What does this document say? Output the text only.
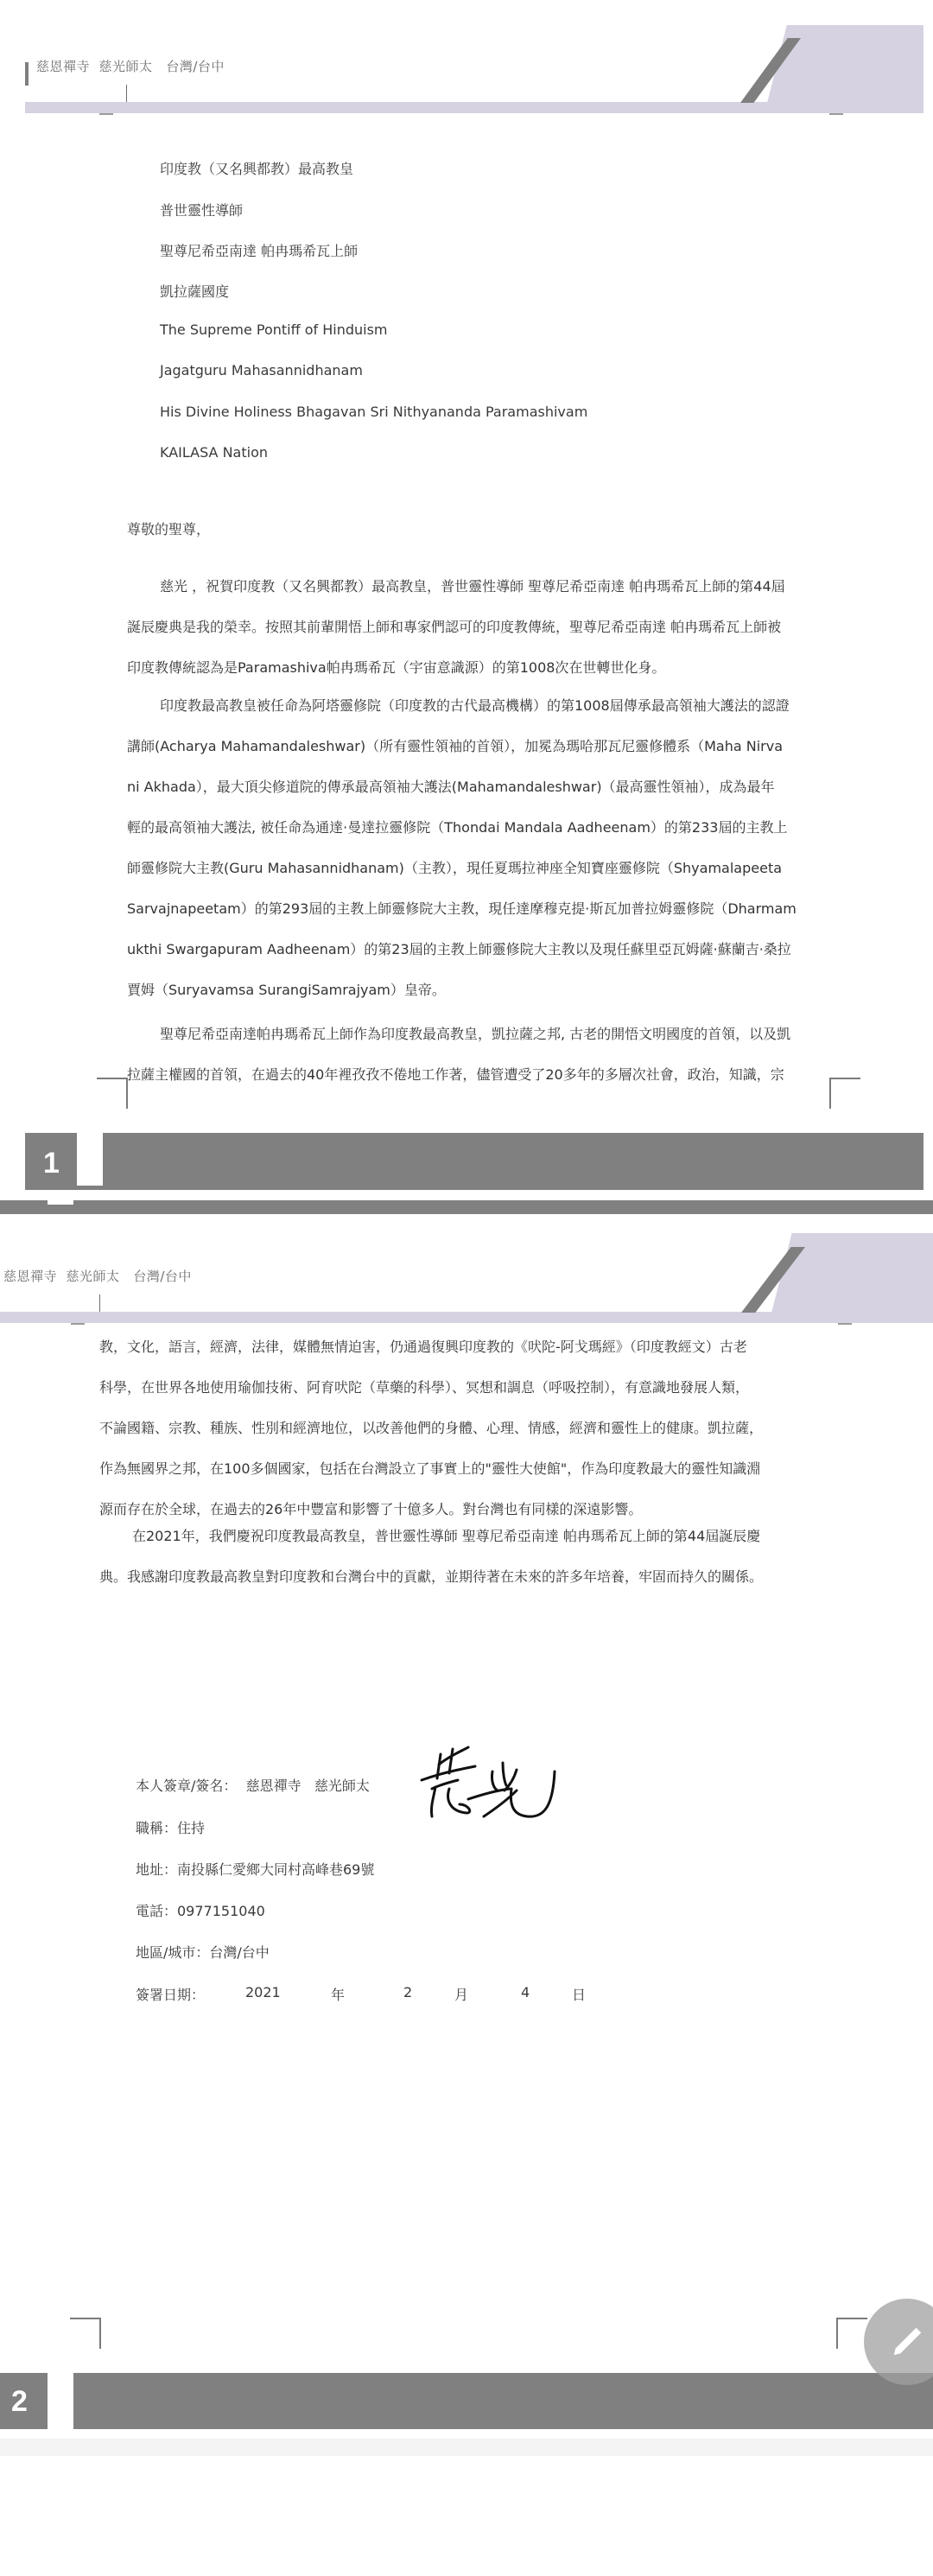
慈恩禪寺  慈光師太   台灣/台中
印度教（又名興都教）最高教皇
普世靈性導師
聖尊尼希亞南達 帕冉瑪希瓦上師
凱拉薩國度
The Supreme Pontiff of Hinduism
Jagatguru Mahasannidhanam
His Divine Holiness Bhagavan Sri Nithyananda Paramashivam
KAILASA Nation
尊敬的聖尊，
慈光 ，祝賀印度教（又名興都教）最高教皇，普世靈性導師 聖尊尼希亞南達 帕冉瑪希瓦上師的第44屆
誕辰慶典是我的榮幸。按照其前輩開悟上師和專家們認可的印度教傳統，聖尊尼希亞南達 帕冉瑪希瓦上師被
印度教傳統認為是Paramashiva帕冉瑪希瓦（宇宙意識源）的第1008次在世轉世化身。
印度教最高教皇被任命為阿塔靈修院（印度教的古代最高機構）的第1008屆傳承最高領袖大護法的認證
講師(Acharya Mahamandaleshwar)（所有靈性領袖的首領），加冕為瑪哈那瓦尼靈修體系（Maha Nirva
ni Akhada），最大頂尖修道院的傳承最高領袖大護法(Mahamandaleshwar)（最高靈性領袖），成為最年
輕的最高領袖大護法, 被任命為通達·曼達拉靈修院（Thondai Mandala Aadheenam）的第233屆的主教上
師靈修院大主教(Guru Mahasannidhanam)（主教），現任夏瑪拉神座全知寶座靈修院（Shyamalapeeta
Sarvajnapeetam）的第293屆的主教上師靈修院大主教，現任達摩穆克提·斯瓦加普拉姆靈修院（Dharmam
ukthi Swargapuram Aadheenam）的第23屆的主教上師靈修院大主教以及現任蘇里亞瓦姆薩·蘇蘭吉·桑拉
賈姆（Suryavamsa SurangiSamrajyam）皇帝。
聖尊尼希亞南達帕冉瑪希瓦上師作為印度教最高教皇，凱拉薩之邦, 古老的開悟文明國度的首領，以及凱
拉薩主權國的首領，在過去的40年裡孜孜不倦地工作著，儘管遭受了20多年的多層次社會，政治，知識，宗
1
慈恩禪寺  慈光師太   台灣/台中
教，文化，語言，經濟，法律，媒體無情迫害，仍通過復興印度教的《吠陀-阿戈瑪經》（印度教經文）古老
科學，在世界各地使用瑜伽技術、阿育吠陀（草藥的科學）、冥想和調息（呼吸控制），有意識地發展人類，
不論國籍、宗教、種族、性別和經濟地位，以改善他們的身體、心理、情感，經濟和靈性上的健康。凱拉薩，
作為無國界之邦，在100多個國家，包括在台灣設立了事實上的"靈性大使館"，作為印度教最大的靈性知識淵
源而存在於全球，在過去的26年中豐富和影響了十億多人。對台灣也有同樣的深遠影響。
在2021年，我們慶祝印度教最高教皇，普世靈性導師 聖尊尼希亞南達 帕冉瑪希瓦上師的第44屆誕辰慶
典。我感謝印度教最高教皇對印度教和台灣台中的貢獻，並期待著在未來的許多年培養，牢固而持久的關係。
本人簽章/簽名： 慈恩禪寺   慈光師太
職稱：住持
地址：南投縣仁愛鄉大同村高峰巷69號
電話：0977151040
地區/城市：台灣/台中
簽署日期：	2021	年	2	月	4	日
2
